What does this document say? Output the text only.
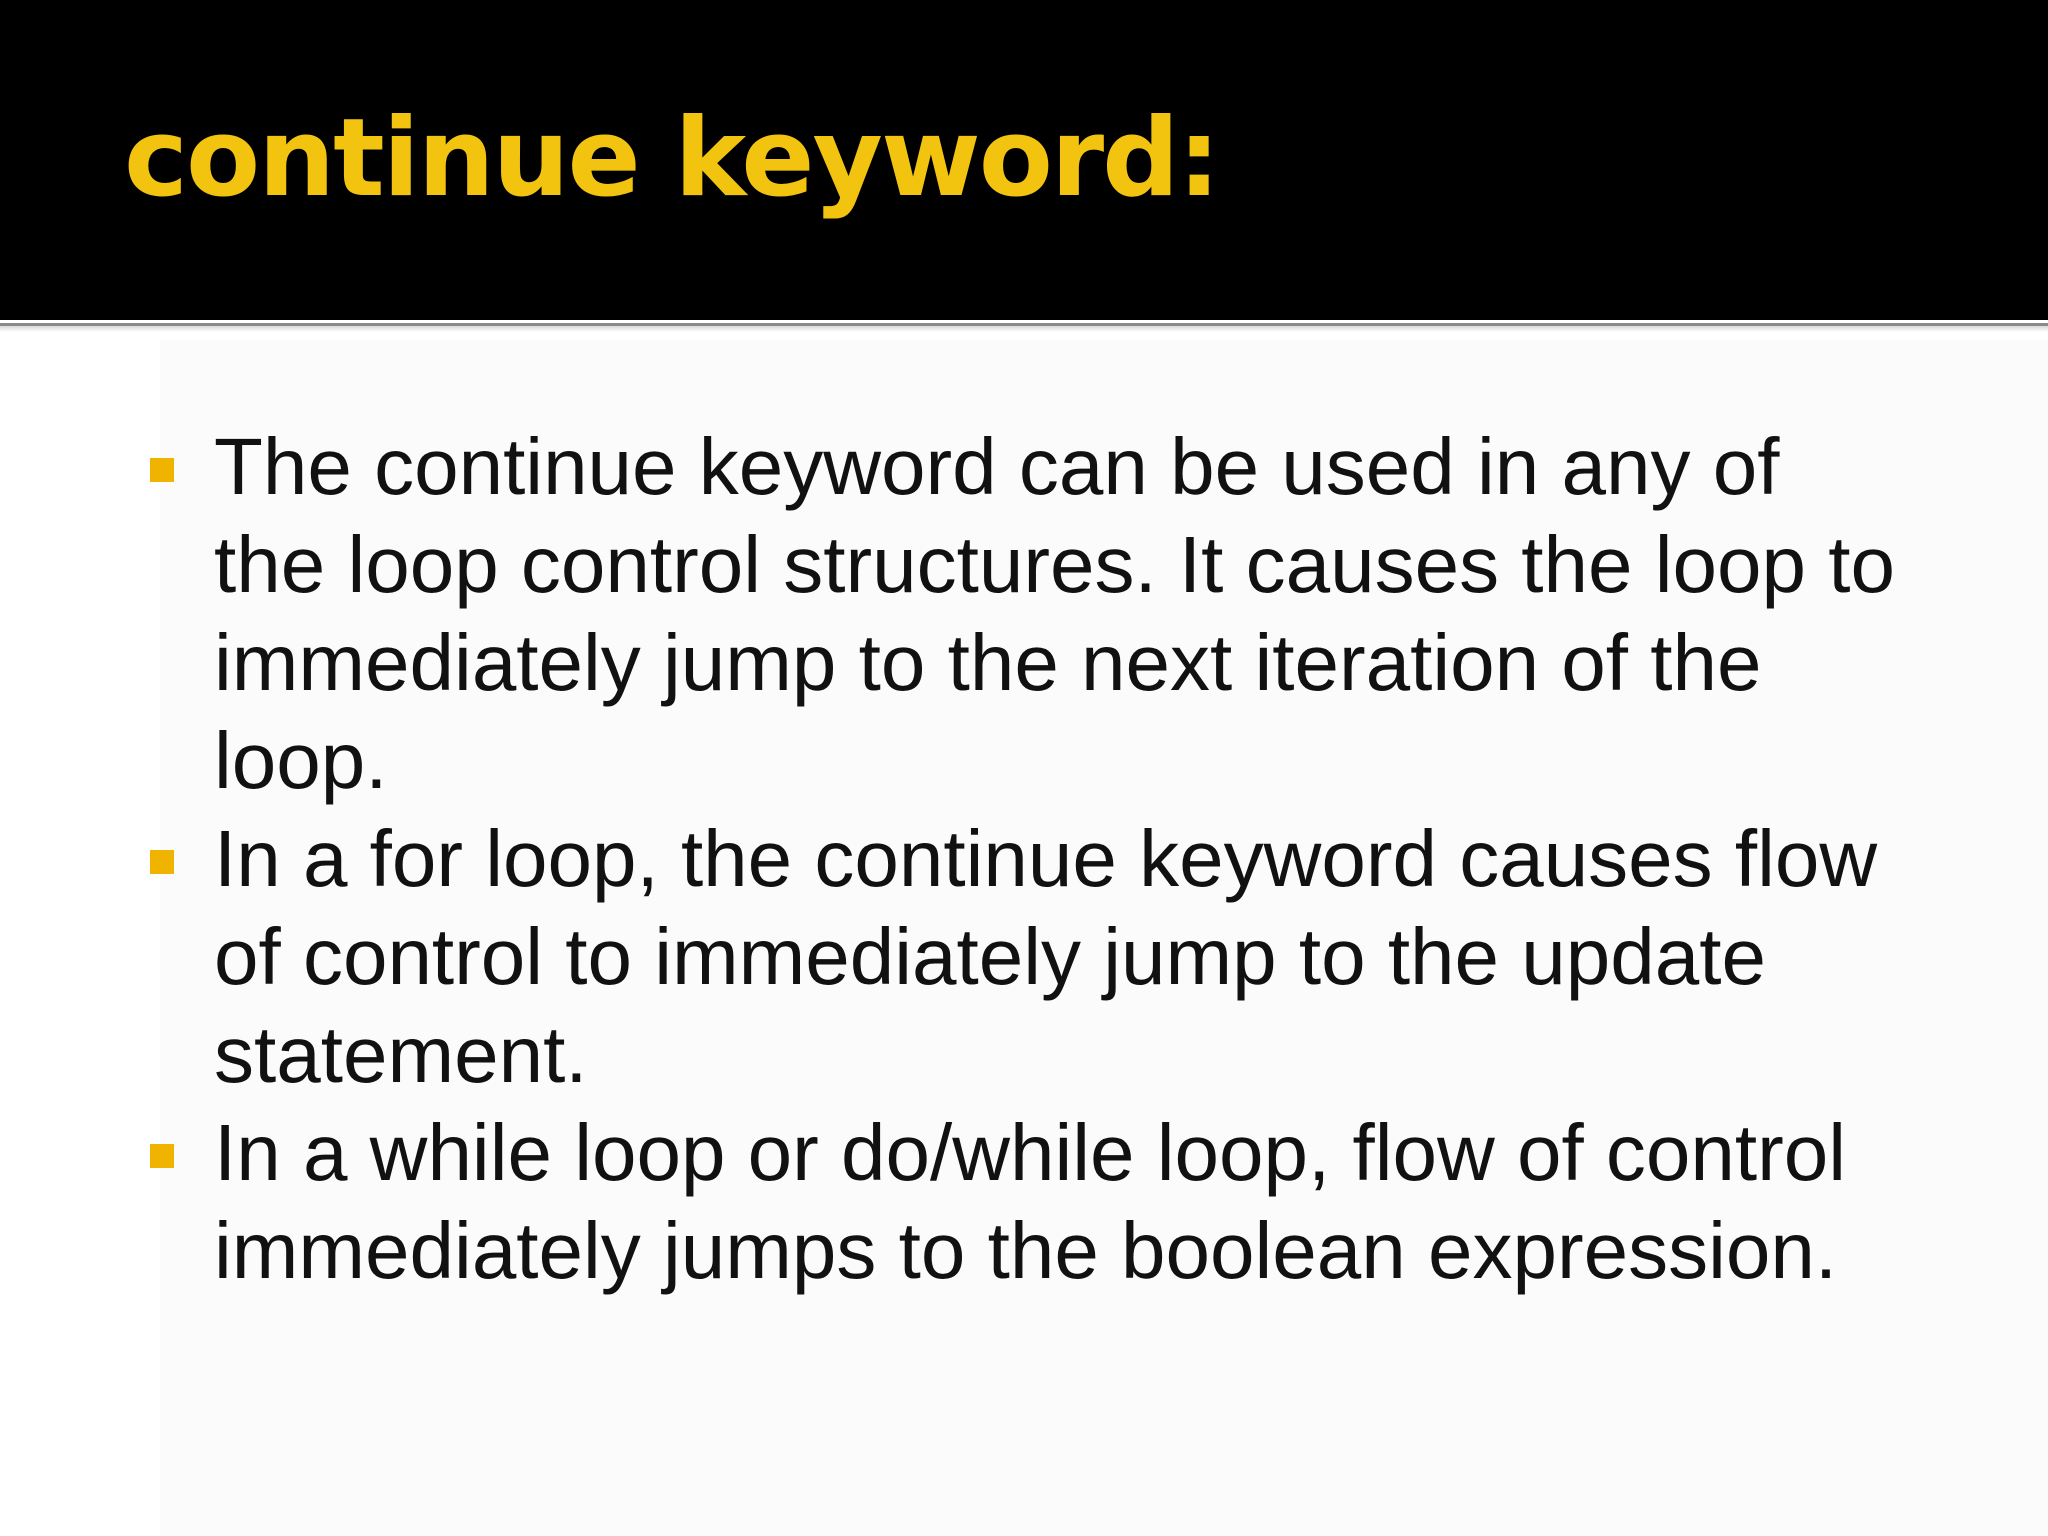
continue keyword:
The continue keyword can be used in any of the loop control structures. It causes the loop to immediately jump to the next iteration of the loop.
In a for loop, the continue keyword causes flow of control to immediately jump to the update statement.
In a while loop or do/while loop, flow of control immediately jumps to the boolean expression.
